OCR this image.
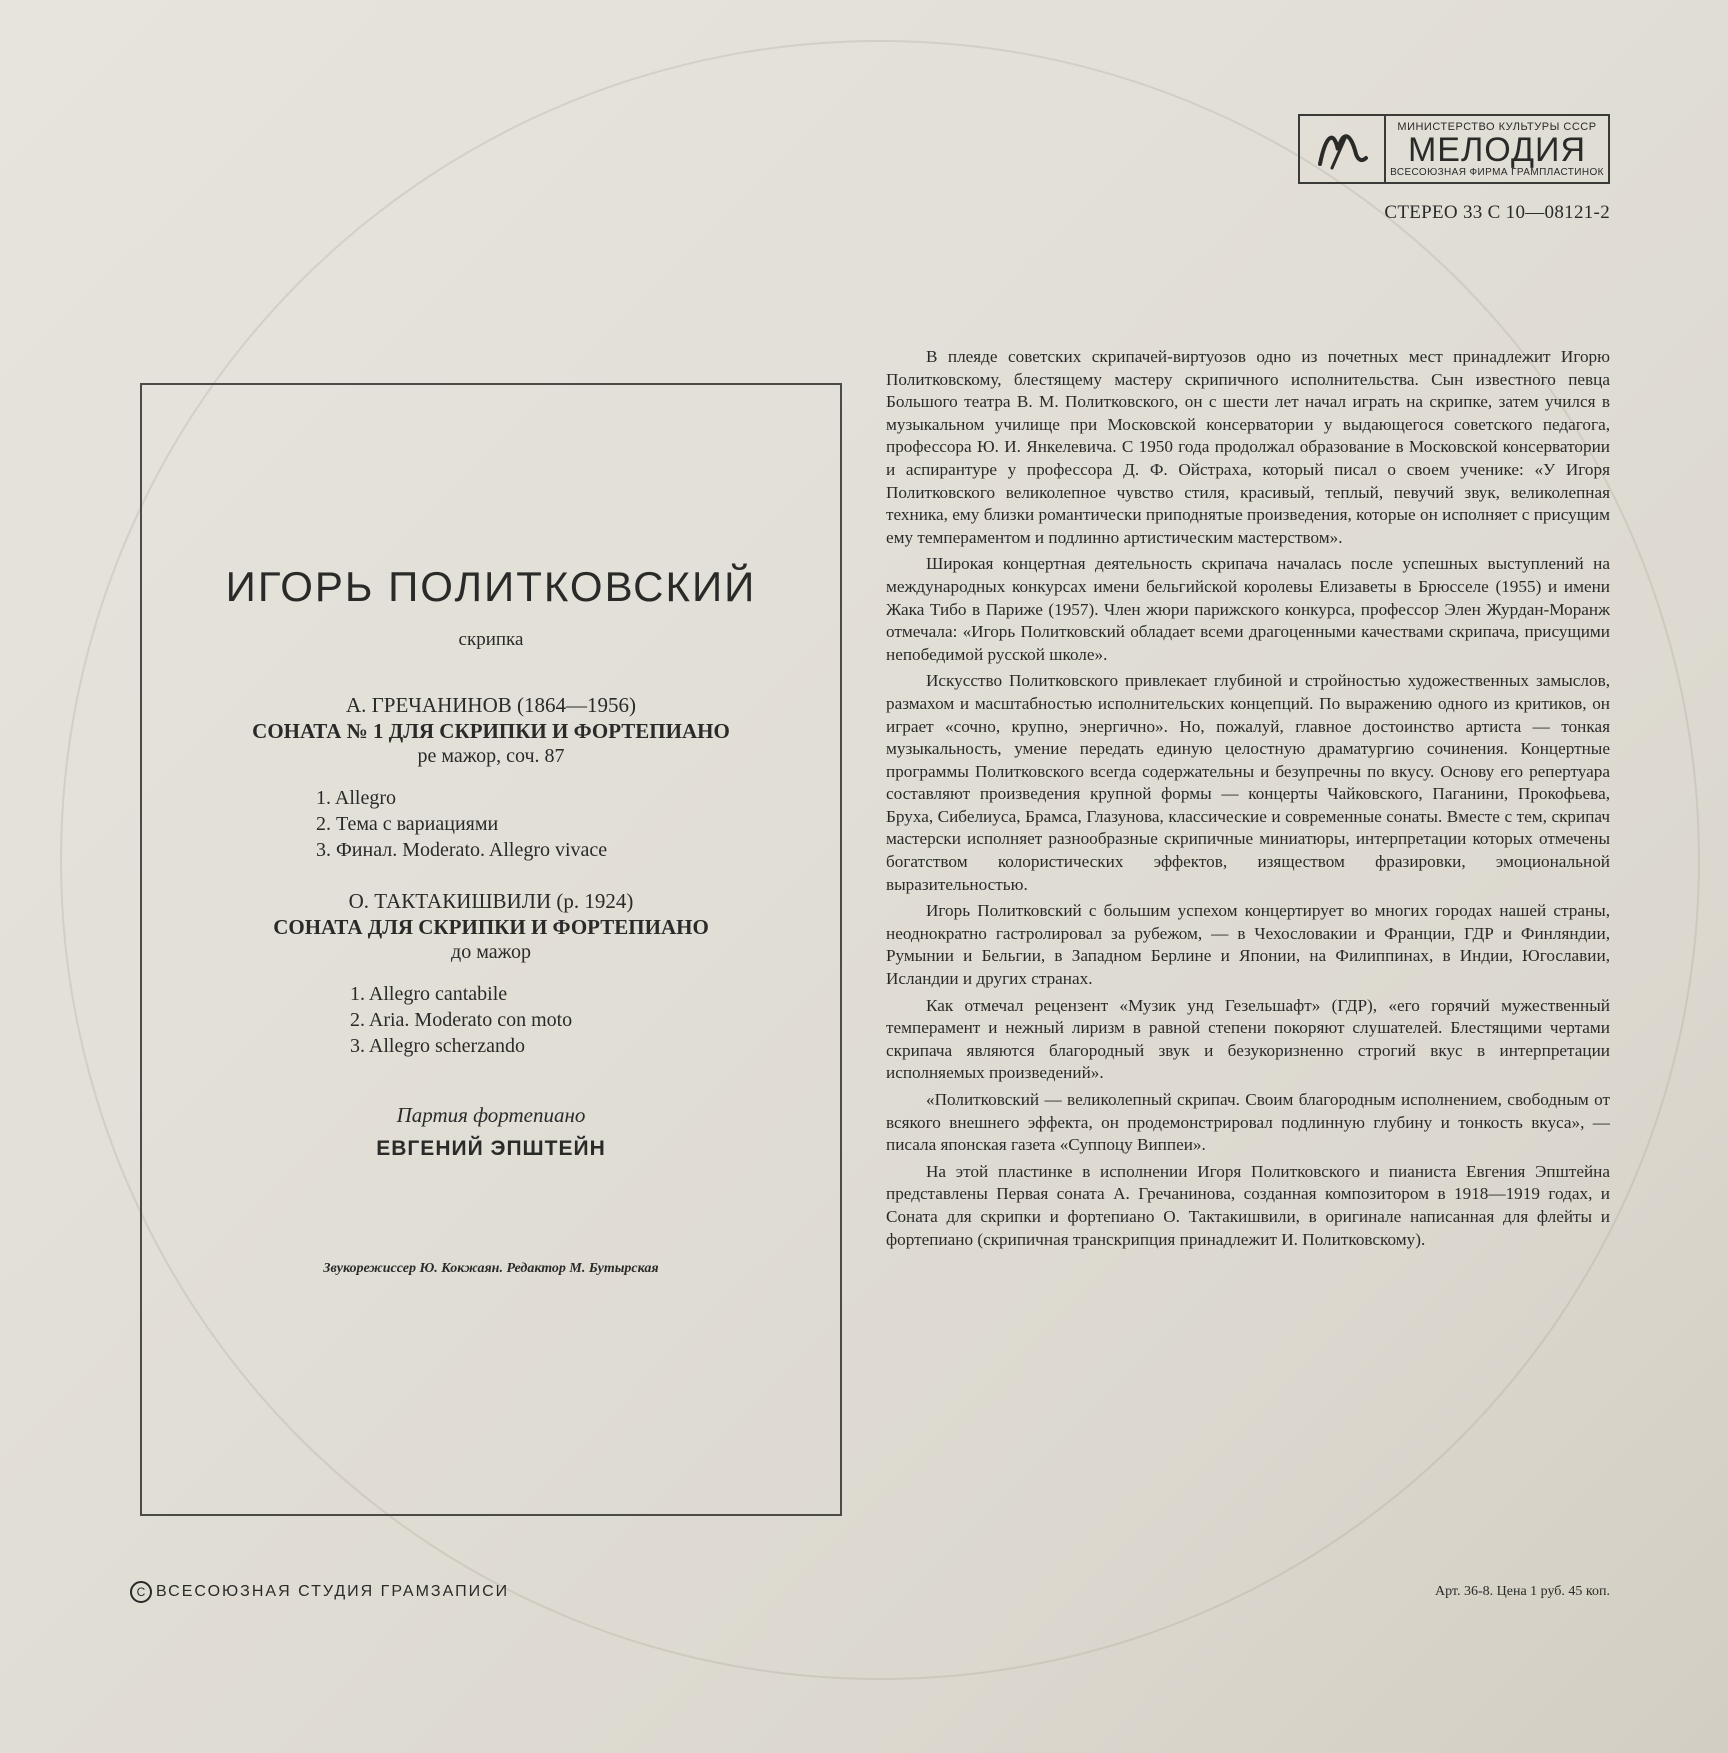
МИНИСТЕРСТВО КУЛЬТУРЫ СССР
МЕЛОДИЯ
ВСЕСОЮЗНАЯ ФИРМА ГРАМПЛАСТИНОК
СТЕРЕО 33 С 10—08121-2
ИГОРЬ ПОЛИТКОВСКИЙ
скрипка
А. ГРЕЧАНИНОВ (1864—1956)
СОНАТА № 1 ДЛЯ СКРИПКИ И ФОРТЕПИАНО
ре мажор, соч. 87
1. Allegro
2. Тема с вариациями
3. Финал. Moderato. Allegro vivace
О. ТАКТАКИШВИЛИ (р. 1924)
СОНАТА ДЛЯ СКРИПКИ И ФОРТЕПИАНО
до мажор
1. Allegro cantabile
2. Aria. Moderato con moto
3. Allegro scherzando
Партия фортепиано
ЕВГЕНИЙ ЭПШТЕЙН
Звукорежиссер Ю. Кокжаян. Редактор М. Бутырская

В плеяде советских скрипачей-виртуозов одно из почетных мест принадлежит Игорю Политковскому, блестящему мастеру скрипичного исполнительства. Сын известного певца Большого театра В. М. Политковского, он с шести лет начал играть на скрипке, затем учился в музыкальном училище при Московской консерватории у выдающегося советского педагога, профессора Ю. И. Янкелевича. С 1950 года продолжал образование в Московской консерватории и аспирантуре у профессора Д. Ф. Ойстраха, который писал о своем ученике: «У Игоря Политковского великолепное чувство стиля, красивый, теплый, певучий звук, великолепная техника, ему близки романтически приподнятые произведения, которые он исполняет с присущим ему темпераментом и подлинно артистическим мастерством».

Широкая концертная деятельность скрипача началась после успешных выступлений на международных конкурсах имени бельгийской королевы Елизаветы в Брюсселе (1955) и имени Жака Тибо в Париже (1957). Член жюри парижского конкурса, профессор Элен Журдан-Моранж отмечала: «Игорь Политковский обладает всеми драгоценными качествами скрипача, присущими непобедимой русской школе».

Искусство Политковского привлекает глубиной и стройностью художественных замыслов, размахом и масштабностью исполнительских концепций. По выражению одного из критиков, он играет «сочно, крупно, энергично». Но, пожалуй, главное достоинство артиста — тонкая музыкальность, умение передать единую целостную драматургию сочинения. Концертные программы Политковского всегда содержательны и безупречны по вкусу. Основу его репертуара составляют произведения крупной формы — концерты Чайковского, Паганини, Прокофьева, Бруха, Сибелиуса, Брамса, Глазунова, классические и современные сонаты. Вместе с тем, скрипач мастерски исполняет разнообразные скрипичные миниатюры, интерпретации которых отмечены богатством колористических эффектов, изяществом фразировки, эмоциональной выразительностью.

Игорь Политковский с большим успехом концертирует во многих городах нашей страны, неоднократно гастролировал за рубежом, — в Чехословакии и Франции, ГДР и Финляндии, Румынии и Бельгии, в Западном Берлине и Японии, на Филиппинах, в Индии, Югославии, Исландии и других странах.

Как отмечал рецензент «Музик унд Гезельшафт» (ГДР), «его горячий мужественный темперамент и нежный лиризм в равной степени покоряют слушателей. Блестящими чертами скрипача являются благородный звук и безукоризненно строгий вкус в интерпретации исполняемых произведений».

«Политковский — великолепный скрипач. Своим благородным исполнением, свободным от всякого внешнего эффекта, он продемонстрировал подлинную глубину и тонкость вкуса», — писала японская газета «Суппоцу Виппеи».

На этой пластинке в исполнении Игоря Политковского и пианиста Евгения Эпштейна представлены Первая соната А. Гречанинова, созданная композитором в 1918—1919 годах, и Соната для скрипки и фортепиано О. Тактакишвили, в оригинале написанная для флейты и фортепиано (скрипичная транскрипция принадлежит И. Политковскому).

C ВСЕСОЮЗНАЯ СТУДИЯ ГРАМЗАПИСИ	Арт. 36-8. Цена 1 руб. 45 коп.
